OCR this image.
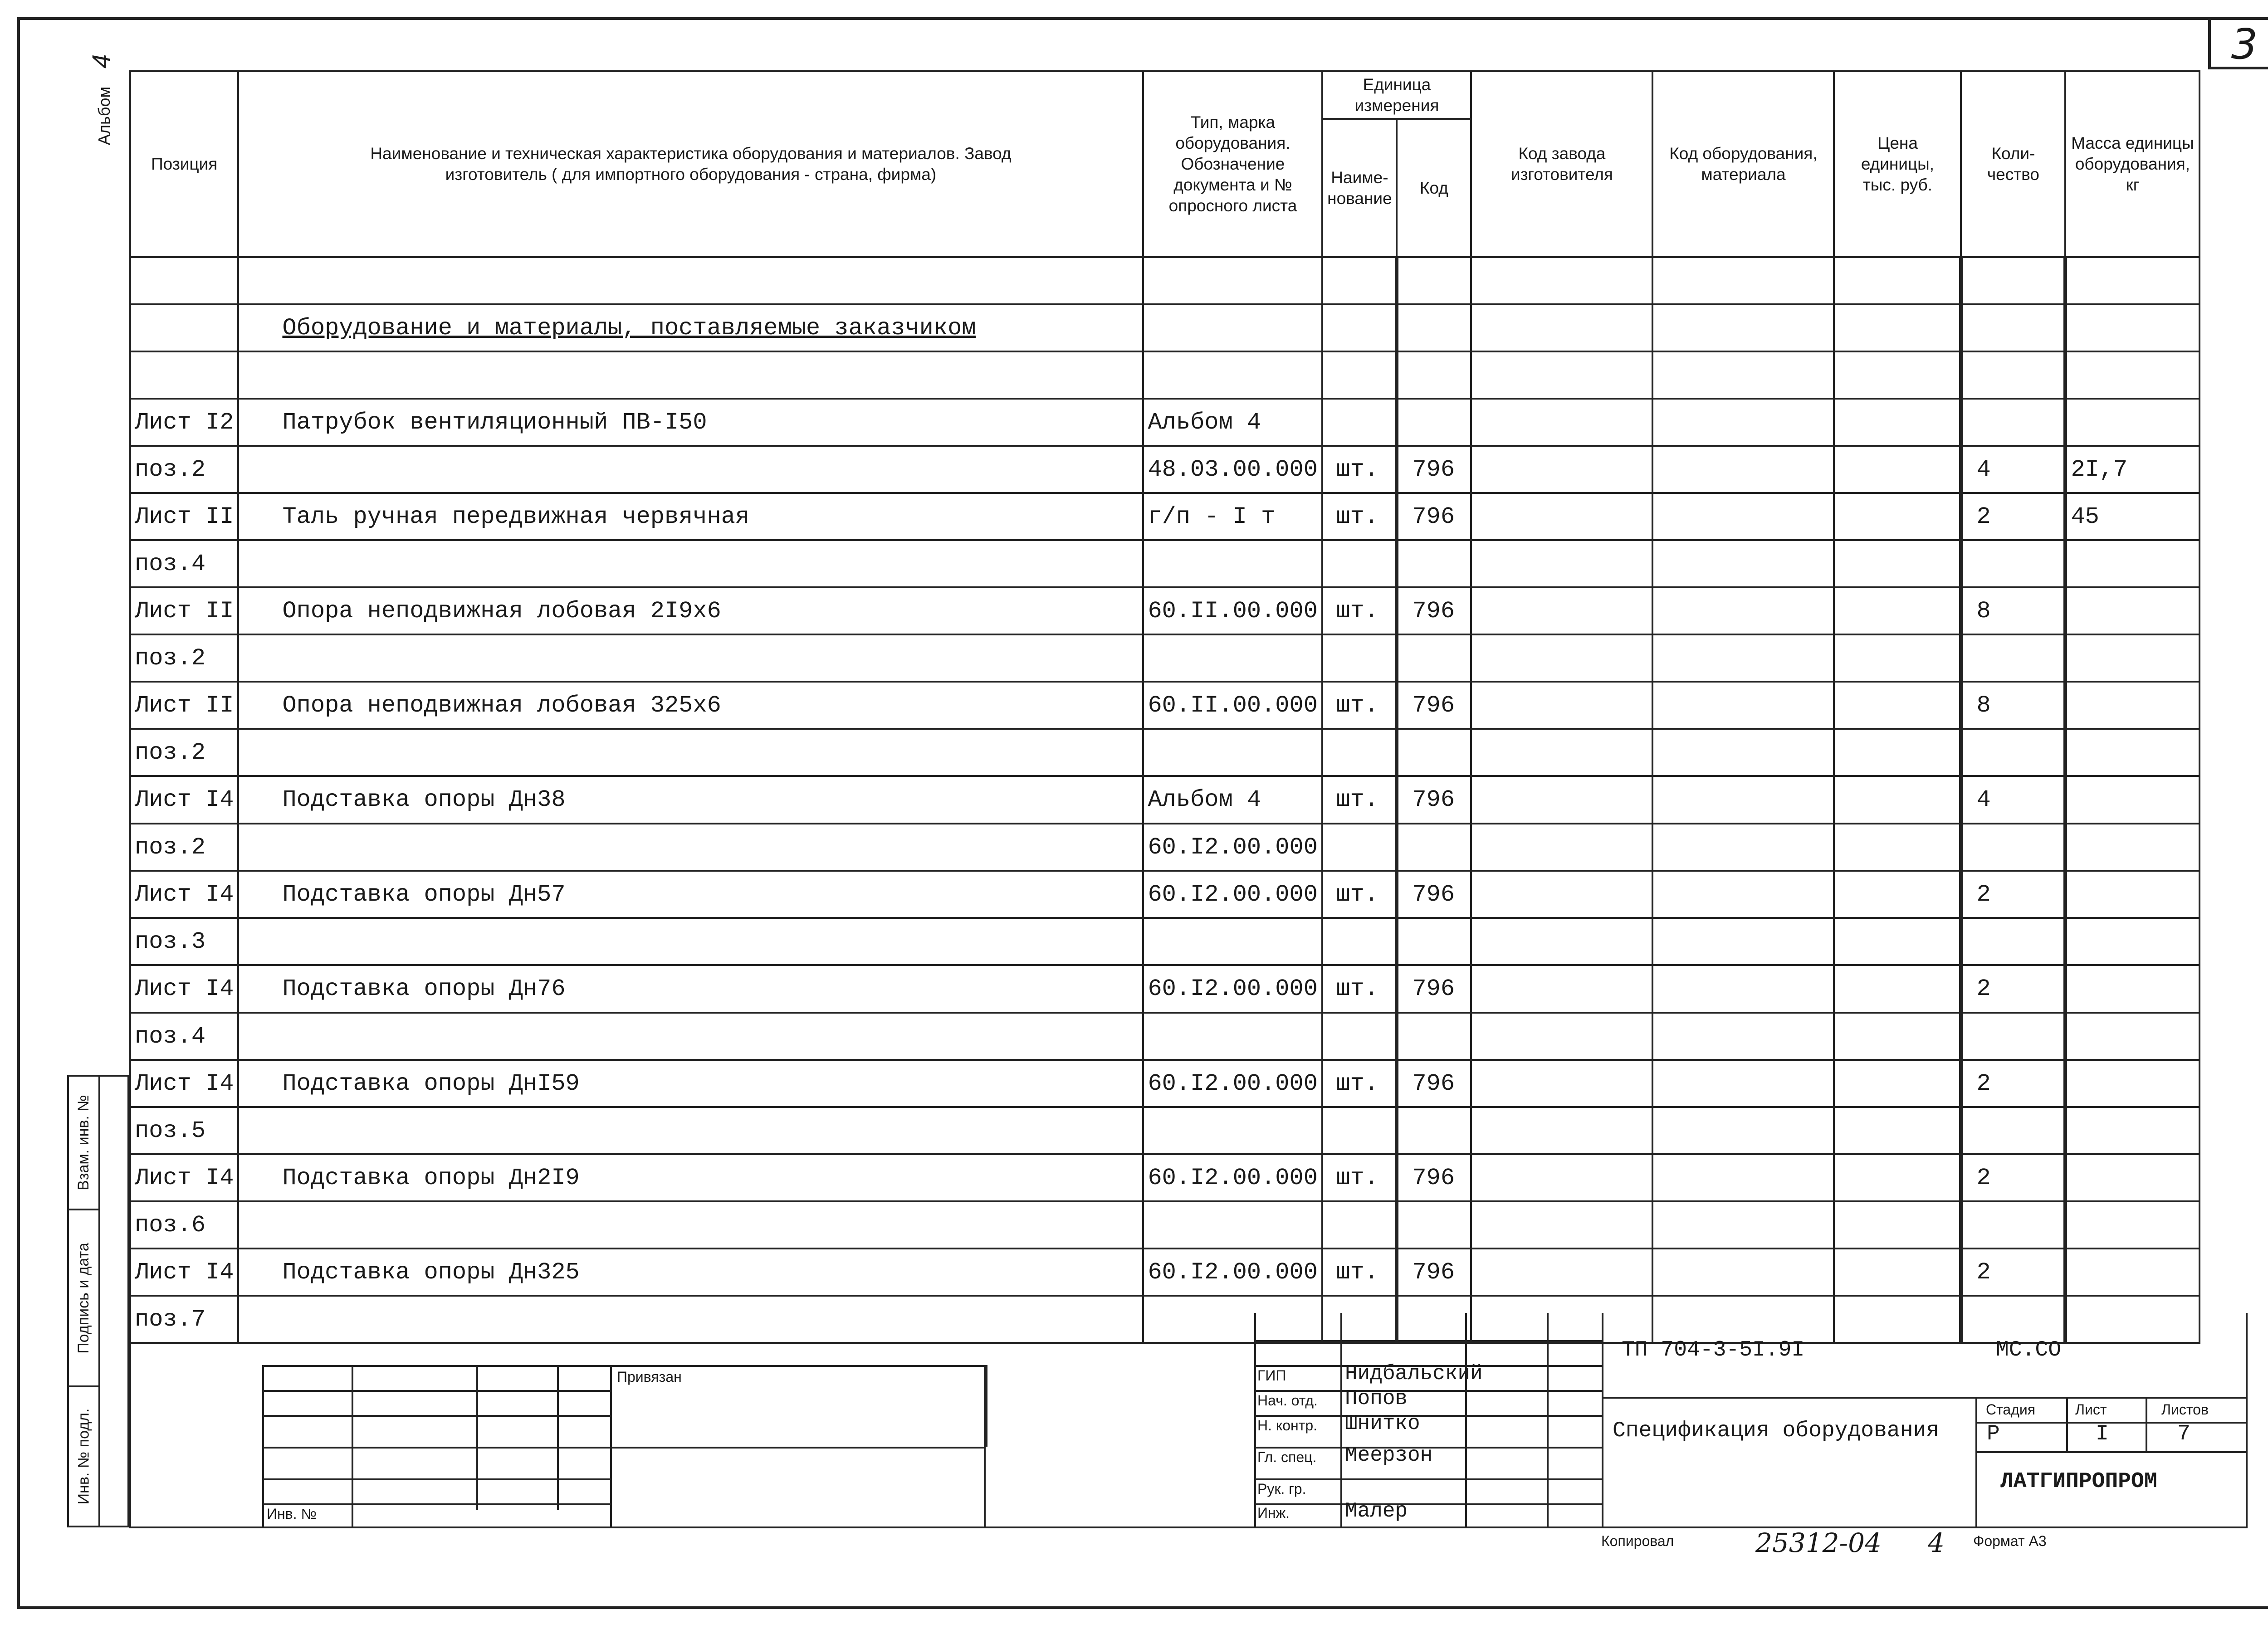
3
Альбом 4
Взам. инв. №
Подпись и дата
Инв. № подл.
Позиция	Наименование и техническая характеристика оборудования и материалов. Завод изготовитель ( для импортного оборудования - страна, фирма)	Тип, марка оборудования. Обозначение документа и № опросного листа	Единица измерения		Код завода изготовителя	Код оборудования, материала	Цена единицы, тыс. руб.	Коли-чество	Масса единицы оборудования, кг
			Наиме-нование	Код					

	Оборудование и материалы, поставляемые заказчиком								

Лист I2	Патрубок вентиляционный ПВ-I50	Альбом 4							
поз.2		48.03.00.000	шт.	796				4	2I,7
Лист II	Таль ручная передвижная червячная	г/п - I т	шт.	796				2	45
поз.4									
Лист II	Опора неподвижная лобовая 2I9х6	60.II.00.000	шт.	796				8	
поз.2									
Лист II	Опора неподвижная лобовая 325х6	60.II.00.000	шт.	796				8	
поз.2									
Лист I4	Подставка опоры Дн38	Альбом 4	шт.	796				4	
поз.2		60.I2.00.000							
Лист I4	Подставка опоры Дн57	60.I2.00.000	шт.	796				2	
поз.3									
Лист I4	Подставка опоры Дн76	60.I2.00.000	шт.	796				2	
поз.4									
Лист I4	Подставка опоры ДнI59	60.I2.00.000	шт.	796				2	
поз.5									
Лист I4	Подставка опоры Дн2I9	60.I2.00.000	шт.	796				2	
поз.6									
Лист I4	Подставка опоры Дн325	60.I2.00.000	шт.	796				2	
поз.7									
Привязан
Инв. №
ГИП	Нидбальский
Нач. отд. Попов
Н. контр. Шнитко
Гл. спец. Меерзон
Рук. гр.
Инж.	Малер
ТП 704-3-5I.9I	МС.СО
Спецификация оборудования
Стадия	Лист	Листов
Р	I	7
ЛАТГИПРОПРОМ
Копировал	25312-04 4 Формат А3
